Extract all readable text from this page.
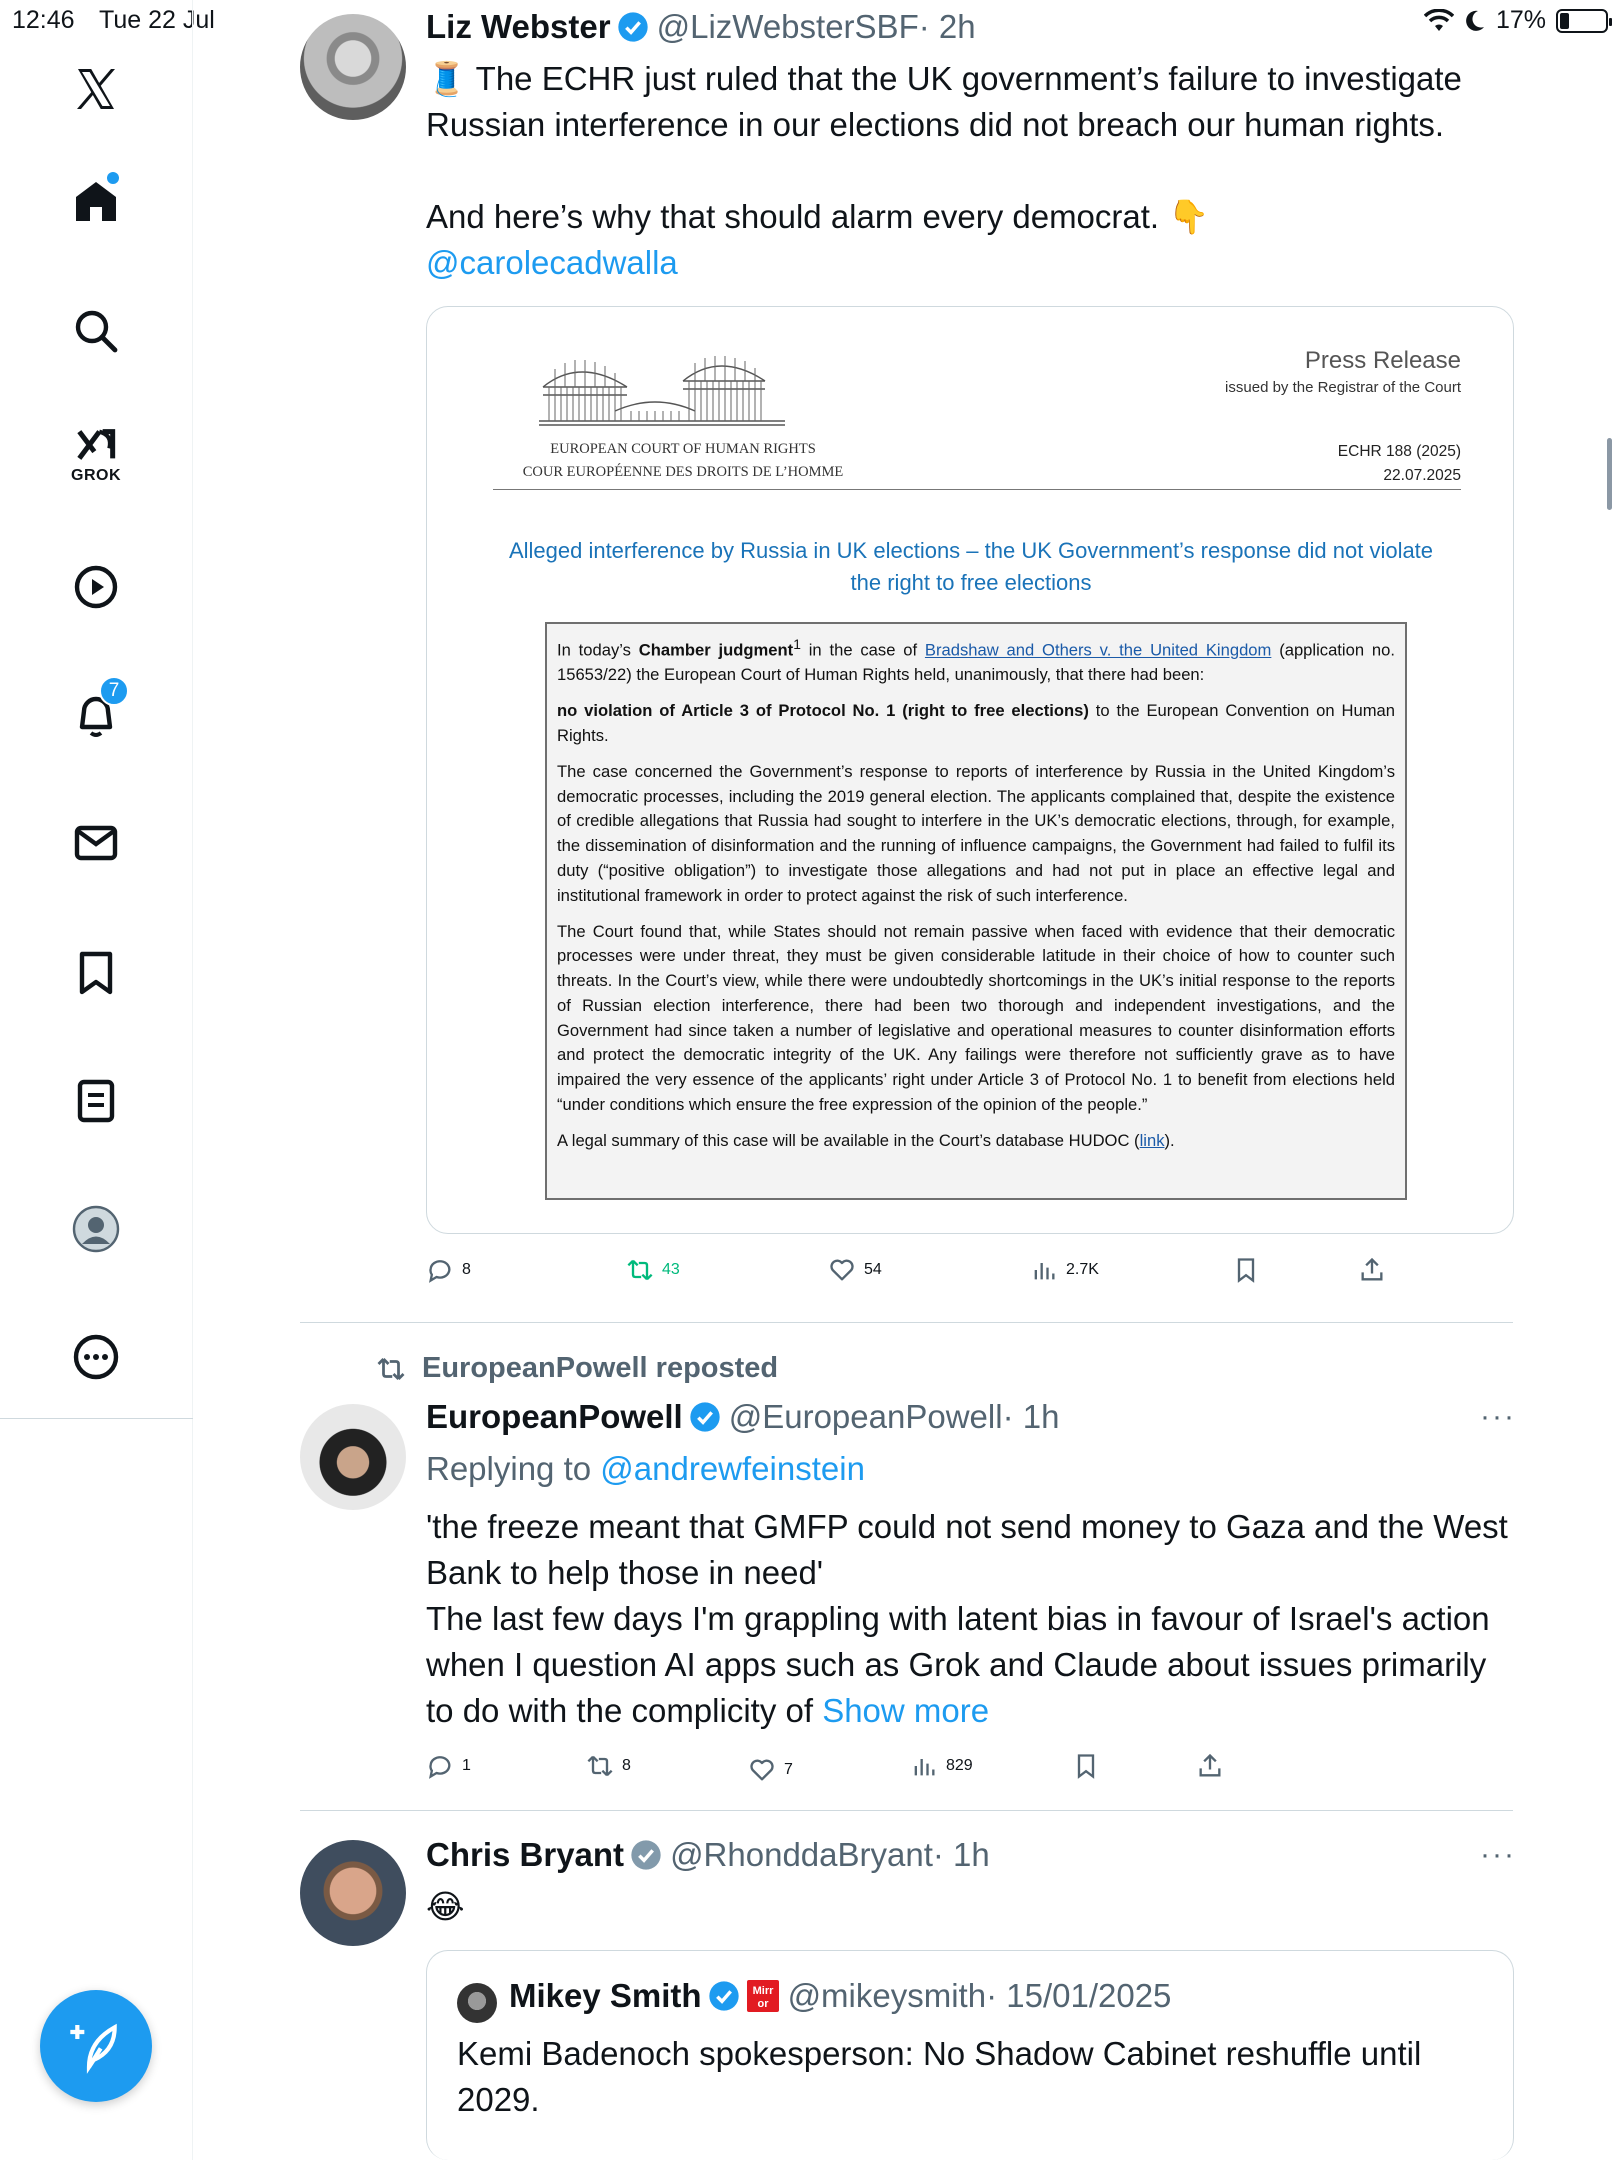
12:46 Tue 22 Jul	17%
GROK
7
Liz Webster @LizWebsterSBF · 2h
🧵 The ECHR just ruled that the UK government’s failure to investigate Russian interference in our elections did not breach our human rights.
And here’s why that should alarm every democrat. 👇
@carolecadwalla
EUROPEAN COURT OF HUMAN RIGHTS
COUR EUROPÉENNE DES DROITS DE L’HOMME
Press Release
issued by the Registrar of the Court
ECHR 188 (2025)
22.07.2025
Alleged interference by Russia in UK elections – the UK Government’s response did not violate the right to free elections

In today’s Chamber judgment$^1$ in the case of Bradshaw and Others v. the United Kingdom (application no. 15653/22) the European Court of Human Rights held, unanimously, that there had been:

no violation of Article 3 of Protocol No. 1 (right to free elections) to the European Convention on Human Rights.

The case concerned the Government’s response to reports of interference by Russia in the United Kingdom’s democratic processes, including the 2019 general election. The applicants complained that, despite the existence of credible allegations that Russia had sought to interfere in the UK’s democratic elections, through, for example, the dissemination of disinformation and the running of influence campaigns, the Government had failed to fulfil its duty (“positive obligation”) to investigate those allegations and had not put in place an effective legal and institutional framework in order to protect against the risk of such interference.

The Court found that, while States should not remain passive when faced with evidence that their democratic processes were under threat, they must be given considerable latitude in their choice of how to counter such threats. In the Court’s view, while there were undoubtedly shortcomings in the UK’s initial response to the reports of Russian election interference, there had been two thorough and independent investigations, and the Government had since taken a number of legislative and operational measures to counter disinformation efforts and protect the democratic integrity of the UK. Any failings were therefore not sufficiently grave as to have impaired the very essence of the applicants’ right under Article 3 of Protocol No. 1 to benefit from elections held “under conditions which ensure the free expression of the opinion of the people.”

A legal summary of this case will be available in the Court’s database HUDOC (link).

8	43	54	2.7K
EuropeanPowell reposted
EuropeanPowell @EuropeanPowell · 1h	···
Replying to @andrewfeinstein
'the freeze meant that GMFP could not send money to Gaza and the West Bank to help those in need'
The last few days I'm grappling with latent bias in favour of Israel's action when I question AI apps such as Grok and Claude about issues primarily to do with the complicity of Show more
1	8	7	829
Chris Bryant @RhonddaBryant · 1h	···
😂
Mikey Smith	Mirr
or @mikeysmith · 15/01/2025
Kemi Badenoch spokesperson: No Shadow Cabinet reshuffle until 2029.
